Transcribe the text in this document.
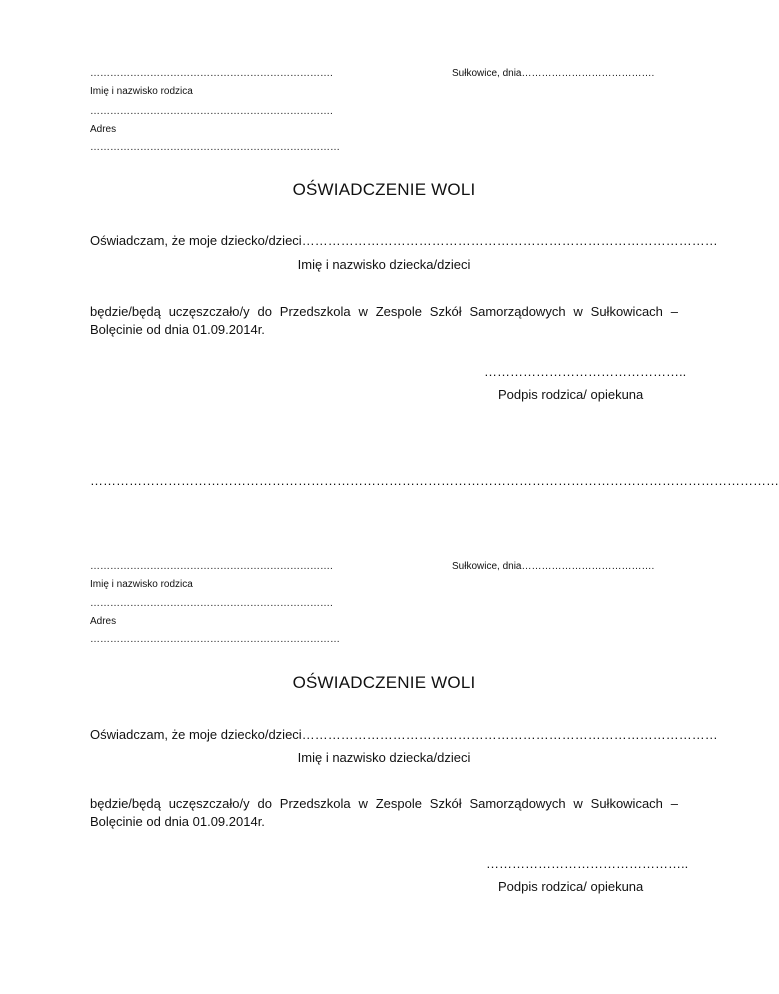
……………………………………………………………….	Sułkowice, dnia………………………………….
Imię i nazwisko rodzica
……………………………………………………………….
Adres
…………………………………………………………………
OŚWIADCZENIE WOLI
Oświadczam, że moje dziecko/dzieci……………………………………………………………………………………
Imię i nazwisko dziecka/dzieci
będzie/będą uczęszczało/y do Przedszkola w Zespole Szkół Samorządowych w Sułkowicach – Bolęcinie od dnia 01.09.2014r.
………………………………………..
Podpis rodzica/ opiekuna
……………………………………………………………………………………………………………………………………………
……………………………………………………………….	Sułkowice, dnia………………………………….
Imię i nazwisko rodzica
……………………………………………………………….
Adres
…………………………………………………………………
OŚWIADCZENIE WOLI
Oświadczam, że moje dziecko/dzieci……………………………………………………………………………………
Imię i nazwisko dziecka/dzieci
będzie/będą uczęszczało/y do Przedszkola w Zespole Szkół Samorządowych w Sułkowicach – Bolęcinie od dnia 01.09.2014r.
………………………………………..
Podpis rodzica/ opiekuna
